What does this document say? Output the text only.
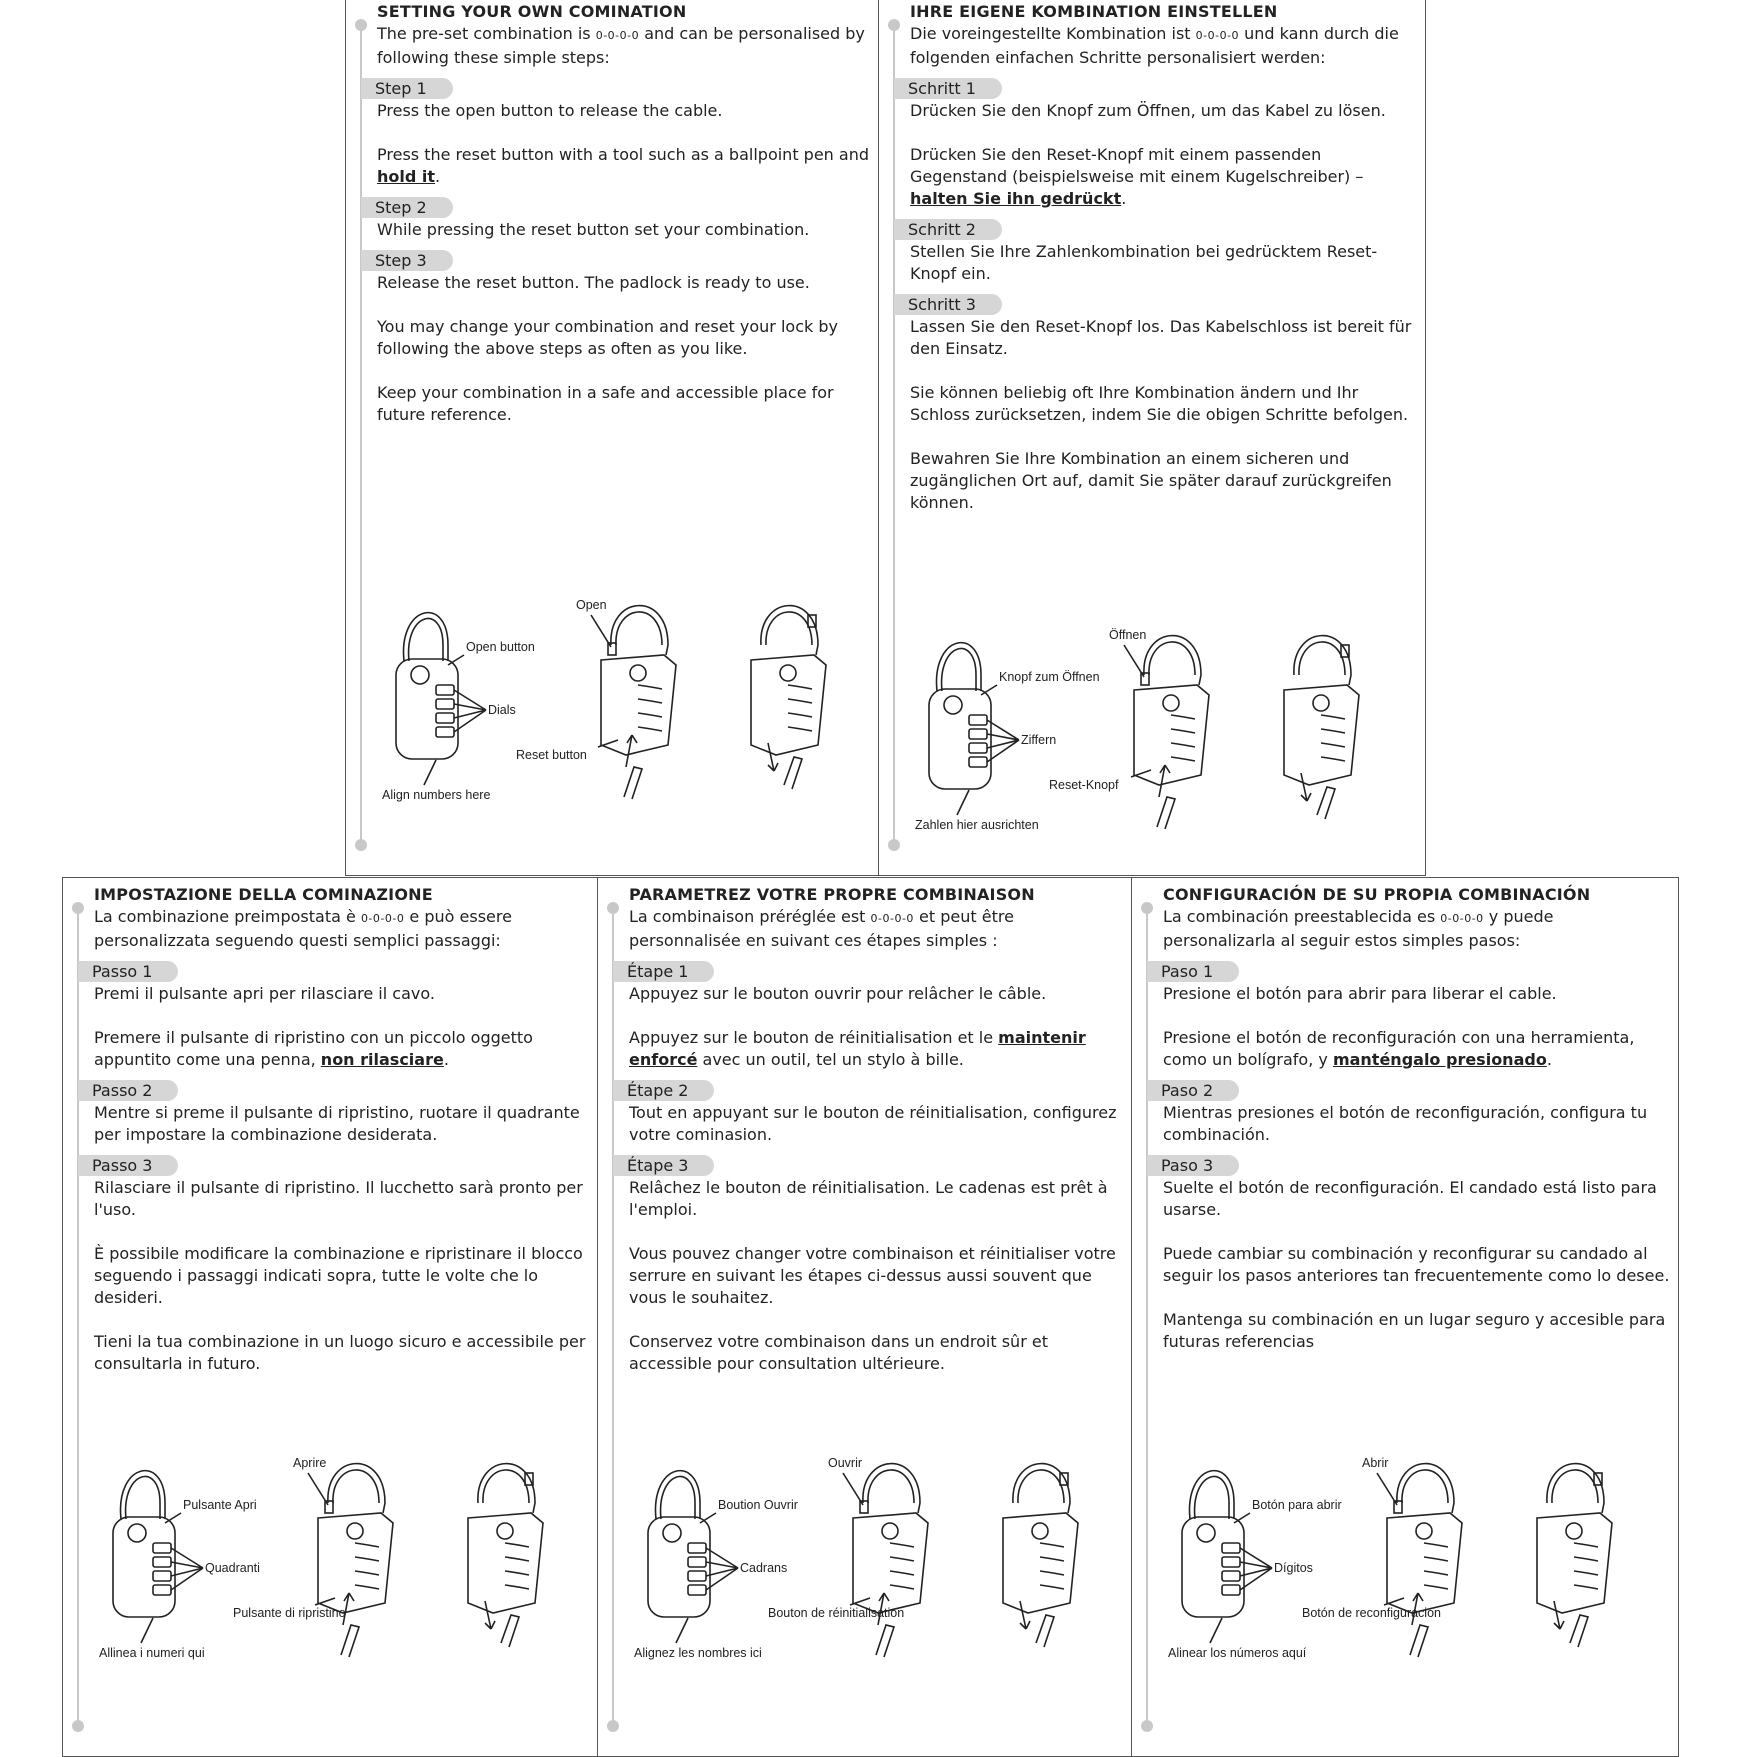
SETTING YOUR OWN COMINATION

The pre-set combination is 0-0-0-0 and can be personalised by following these simple steps:

Step 1

Press the open button to release the cable.

Press the reset button with a tool such as a ballpoint pen and hold it.

Step 2

While pressing the reset button set your combination.

Step 3

Release the reset button. The padlock is ready to use.

You may change your combination and reset your lock by following the above steps as often as you like.

Keep your combination in a safe and accessible place for future reference.

Open button
Open
Dials
Reset button
Align numbers here

IHRE EIGENE KOMBINATION EINSTELLEN

Die voreingestellte Kombination ist 0-0-0-0 und kann durch die folgenden einfachen Schritte personalisiert werden:

Schritt 1

Drücken Sie den Knopf zum Öffnen, um das Kabel zu lösen.

Drücken Sie den Reset-Knopf mit einem passenden Gegenstand (beispielsweise mit einem Kugelschreiber) – halten Sie ihn gedrückt.

Schritt 2

Stellen Sie Ihre Zahlenkombination bei gedrücktem Reset-Knopf ein.

Schritt 3

Lassen Sie den Reset-Knopf los. Das Kabelschloss ist bereit für den Einsatz.

Sie können beliebig oft Ihre Kombination ändern und Ihr Schloss zurücksetzen, indem Sie die obigen Schritte befolgen.

Bewahren Sie Ihre Kombination an einem sicheren und zugänglichen Ort auf, damit Sie später darauf zurückgreifen können.

Knopf zum Öffnen
Öffnen
Ziffern
Reset-Knopf
Zahlen hier ausrichten

IMPOSTAZIONE DELLA COMINAZIONE

La combinazione preimpostata è 0-0-0-0 e può essere personalizzata seguendo questi semplici passaggi:

Passo 1

Premi il pulsante apri per rilasciare il cavo.

Premere il pulsante di ripristino con un piccolo oggetto appuntito come una penna, non rilasciare.

Passo 2

Mentre si preme il pulsante di ripristino, ruotare il quadrante per impostare la combinazione desiderata.

Passo 3

Rilasciare il pulsante di ripristino. Il lucchetto sarà pronto per l'uso.

È possibile modificare la combinazione e ripristinare il blocco seguendo i passaggi indicati sopra, tutte le volte che lo desideri.

Tieni la tua combinazione in un luogo sicuro e accessibile per consultarla in futuro.

Pulsante Apri
Aprire
Quadranti
Pulsante di ripristino
Allinea i numeri qui

PARAMETREZ VOTRE PROPRE COMBINAISON

La combinaison préréglée est 0-0-0-0 et peut être personnalisée en suivant ces étapes simples :

Étape 1

Appuyez sur le bouton ouvrir pour relâcher le câble.

Appuyez sur le bouton de réinitialisation et le maintenir enforcé avec un outil, tel un stylo à bille.

Étape 2

Tout en appuyant sur le bouton de réinitialisation, configurez votre cominasion.

Étape 3

Relâchez le bouton de réinitialisation. Le cadenas est prêt à l'emploi.

Vous pouvez changer votre combinaison et réinitialiser votre serrure en suivant les étapes ci-dessus aussi souvent que vous le souhaitez.

Conservez votre combinaison dans un endroit sûr et accessible pour consultation ultérieure.

Boution Ouvrir
Ouvrir
Cadrans
Bouton de réinitialisation
Alignez les nombres ici

CONFIGURACIÓN DE SU PROPIA COMBINACIÓN

La combinación preestablecida es 0-0-0-0 y puede personalizarla al seguir estos simples pasos:

Paso 1

Presione el botón para abrir para liberar el cable.

Presione el botón de reconfiguración con una herramienta, como un bolígrafo, y manténgalo presionado.

Paso 2

Mientras presiones el botón de reconfiguración, configura tu combinación.

Paso 3

Suelte el botón de reconfiguración. El candado está listo para usarse.

Puede cambiar su combinación y reconfigurar su candado al seguir los pasos anteriores tan frecuentemente como lo desee.

Mantenga su combinación en un lugar seguro y accesible para futuras referencias

Botón para abrir
Abrir
Dígitos
Botón de reconfiguración
Alinear los números aquí
